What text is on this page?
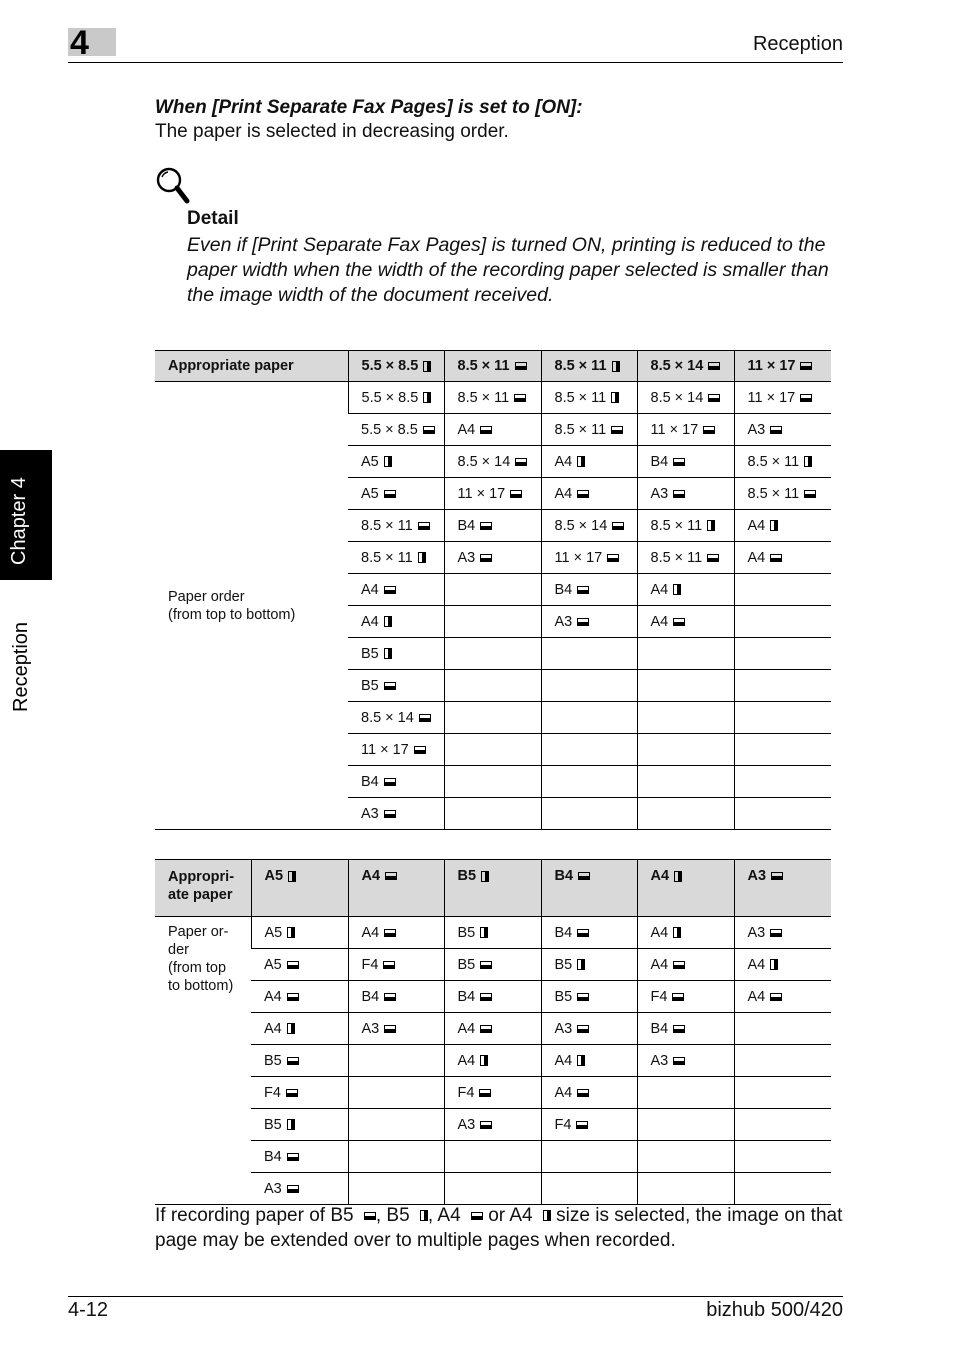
4	Reception
Chapter 4
Reception
When [Print Separate Fax Pages] is set to [ON]:
The paper is selected in decreasing order.
Detail
Even if [Print Separate Fax Pages] is turned ON, printing is reduced to the paper width when the width of the recording paper selected is smaller than the image width of the document received.
Appropriate paper	5.5 × 8.5	8.5 × 11	8.5 × 11	8.5 × 14	11 × 17
Paper order
(from top to bottom)	5.5 × 8.5	8.5 × 11	8.5 × 11	8.5 × 14	11 × 17
	5.5 × 8.5	A4	8.5 × 11	11 × 17	A3
	A5	8.5 × 14	A4	B4	8.5 × 11
	A5	11 × 17	A4	A3	8.5 × 11
	8.5 × 11	B4	8.5 × 14	8.5 × 11	A4
	8.5 × 11	A3	11 × 17	8.5 × 11	A4
	A4		B4	A4	
	A4		A3	A4	
	B5				
	B5				
	8.5 × 14				
	11 × 17				
	B4				
	A3				
Appropri-
ate paper	A5	A4	B5	B4	A4	A3
Paper or-
der
(from top
to bottom)	A5	A4	B5	B4	A4	A3
	A5	F4	B5	B5	A4	A4
	A4	B4	B4	B5	F4	A4
	A4	A3	A4	A3	B4	
	B5		A4	A4	A3	
	F4		F4	A4		
	B5		A3	F4		
	B4					
	A3					
If recording paper of B5 , B5 , A4  or A4  size is selected, the image on that page may be extended over to multiple pages when recorded.
4-12	bizhub 500/420
